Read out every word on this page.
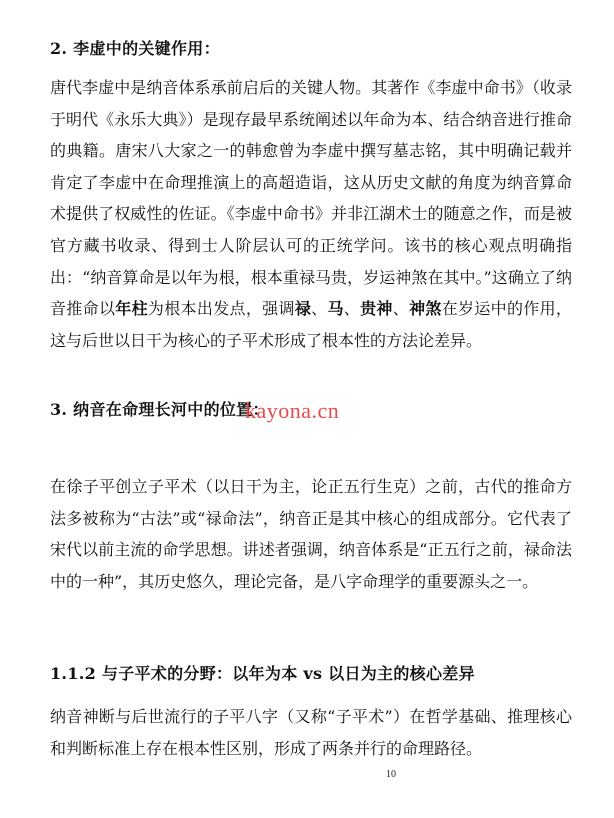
2. 李虚中的关键作用：
唐代李虚中是纳音体系承前启后的关键人物。其著作《李虚中命书》（收录于明代《永乐大典》）是现存最早系统阐述以年命为本、结合纳音进行推命的典籍。唐宋八大家之一的韩愈曾为李虚中撰写墓志铭，其中明确记载并肯定了李虚中在命理推演上的高超造诣，这从历史文献的角度为纳音算命术提供了权威性的佐证。《李虚中命书》并非江湖术士的随意之作，而是被官方藏书收录、得到士人阶层认可的正统学问。该书的核心观点明确指出：“纳音算命是以年为根，根本重禄马贵，岁运神煞在其中。”这确立了纳音推命以年柱为根本出发点，强调禄、马、贵神、神煞在岁运中的作用，这与后世以日干为核心的子平术形成了根本性的方法论差异。
3. 纳音在命理长河中的位置：
kayona.cn
在徐子平创立子平术（以日干为主，论正五行生克）之前，古代的推命方法多被称为“古法”或“禄命法”，纳音正是其中核心的组成部分。它代表了宋代以前主流的命学思想。讲述者强调，纳音体系是“正五行之前，禄命法中的一种”，其历史悠久，理论完备，是八字命理学的重要源头之一。
1.1.2 与子平术的分野：以年为本 vs 以日为主的核心差异
纳音神断与后世流行的子平八字（又称“子平术”）在哲学基础、推理核心和判断标准上存在根本性区别，形成了两条并行的命理路径。
10
